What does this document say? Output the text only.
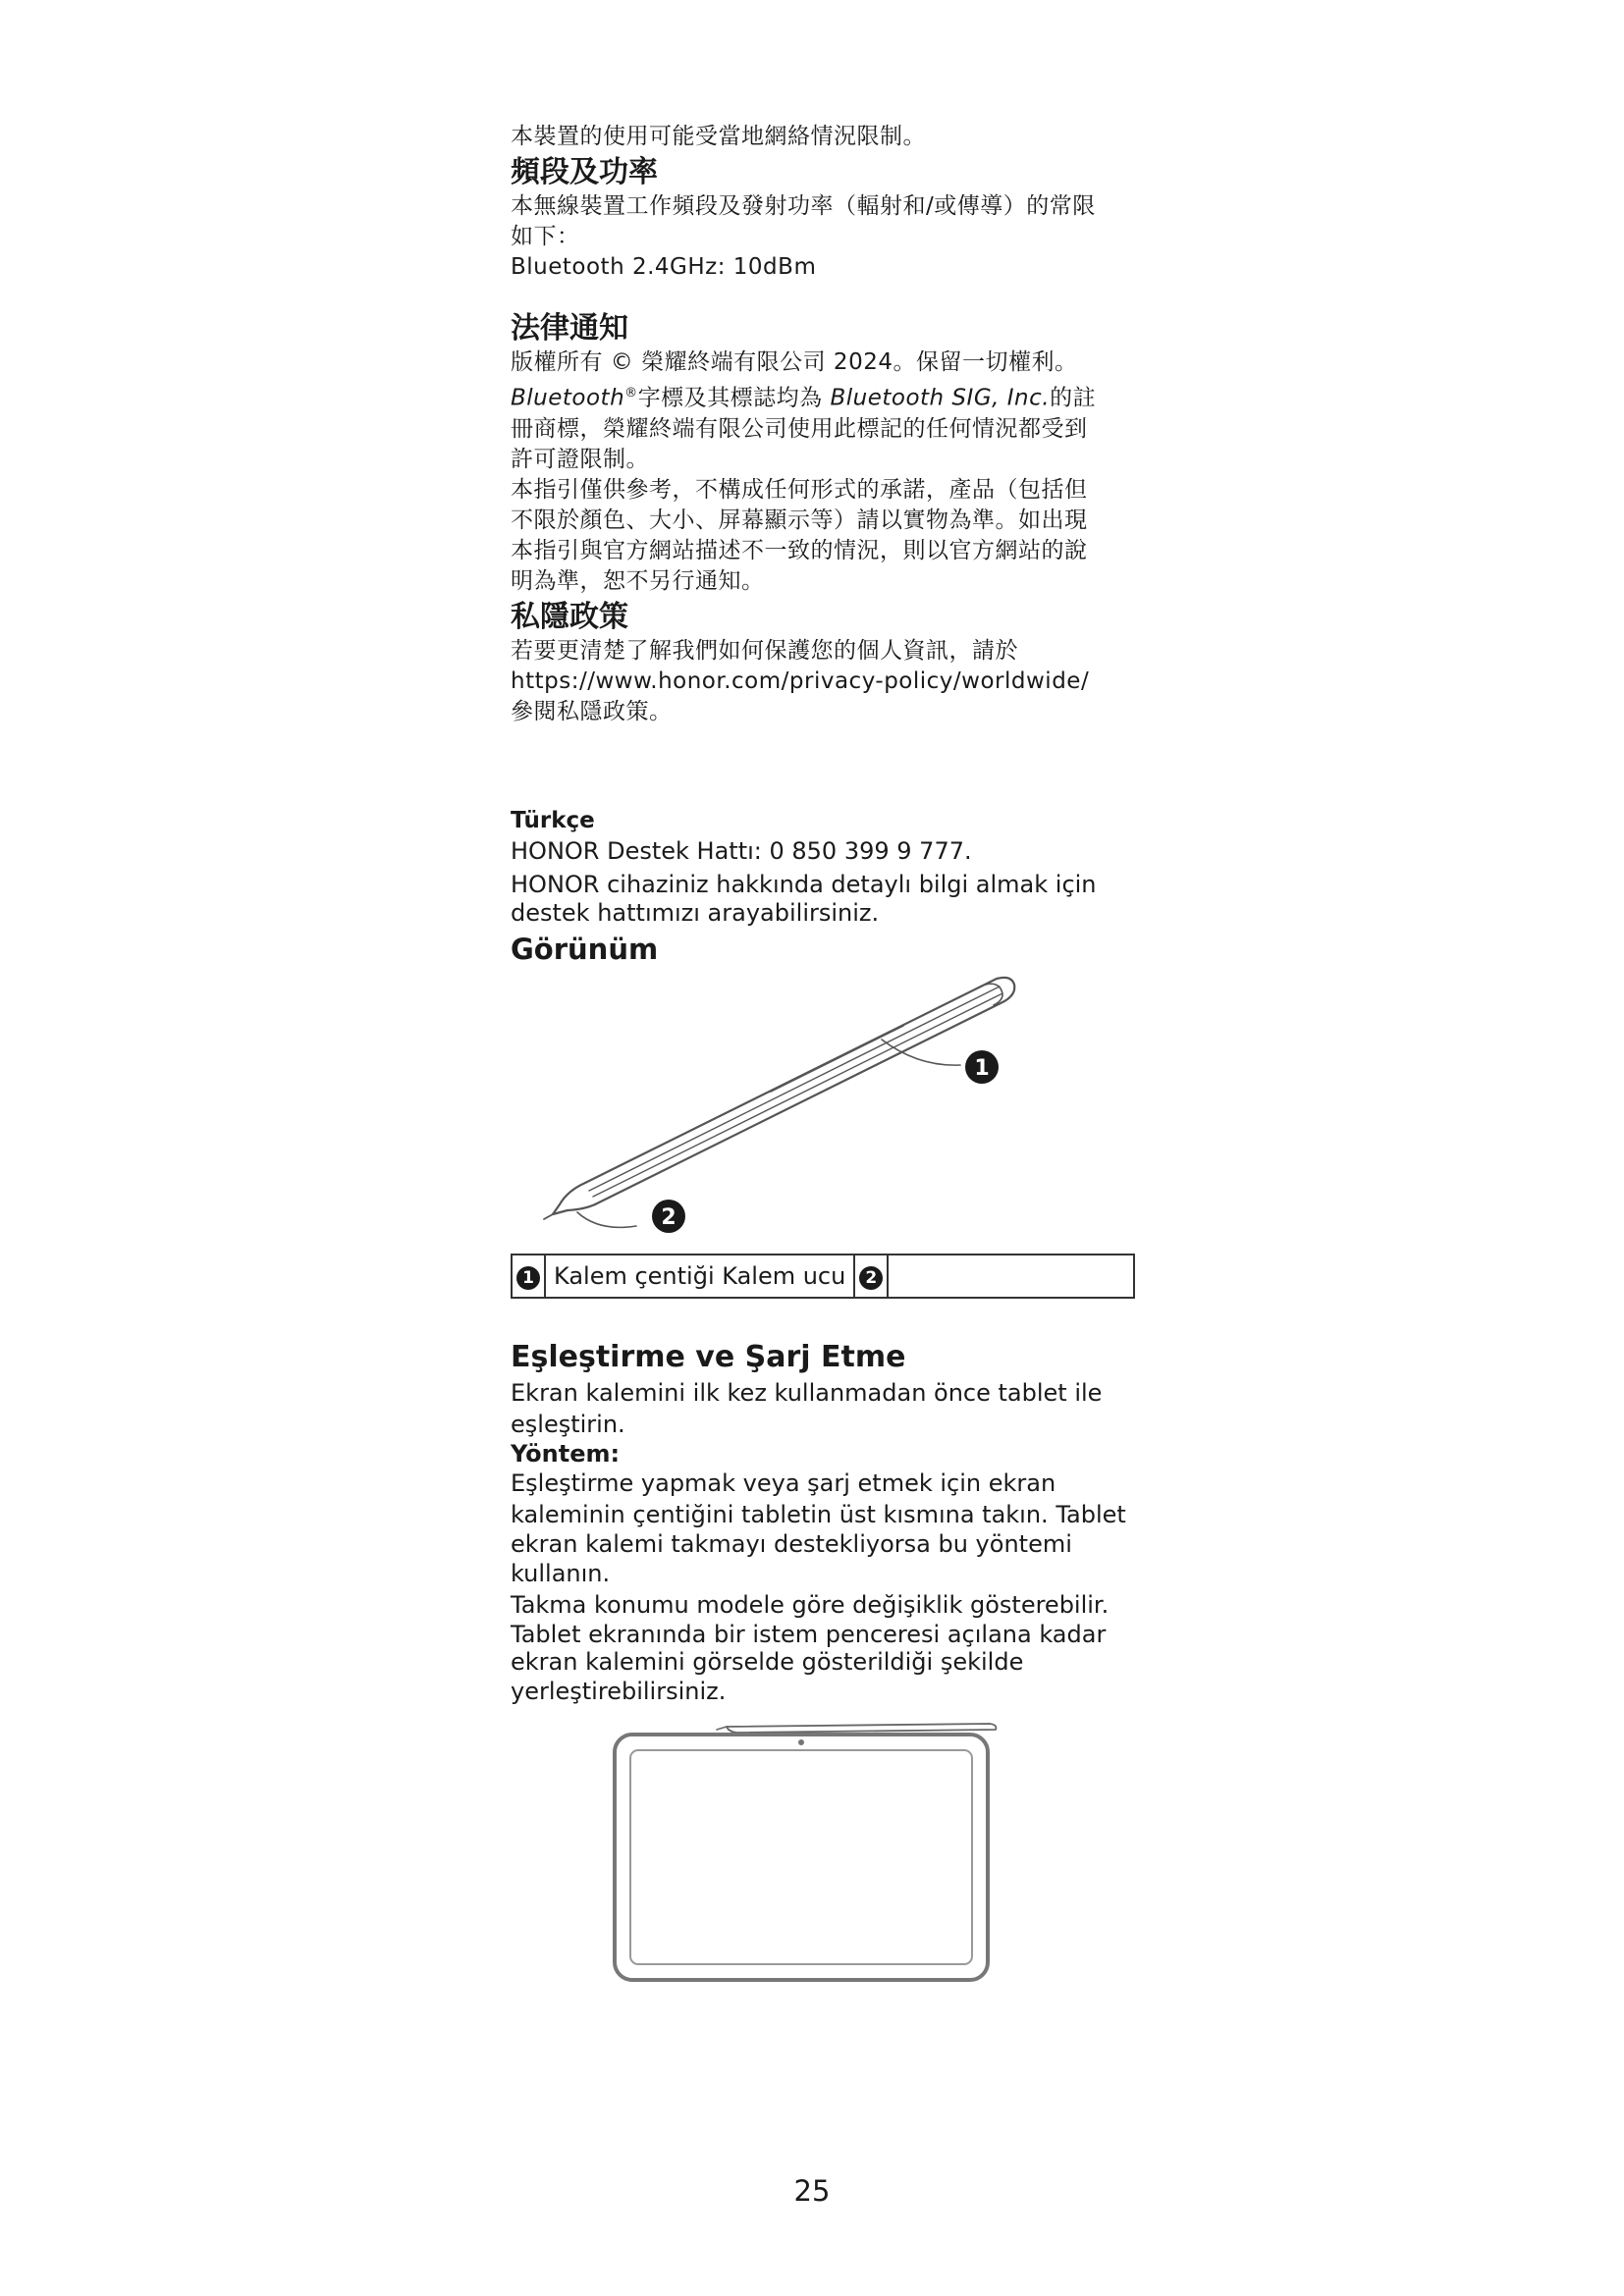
本裝置的使用可能受當地網絡情況限制。

頻段及功率

本無線裝置工作頻段及發射功率（輻射和/或傳導）的常限

如下：

Bluetooth 2.4GHz: 10dBm

法律通知

版權所有 © 榮耀終端有限公司 2024。保留一切權利。

Bluetooth®字標及其標誌均為 Bluetooth SIG, Inc.的註

冊商標，榮耀終端有限公司使用此標記的任何情況都受到

許可證限制。

本指引僅供參考，不構成任何形式的承諾，產品（包括但

不限於顏色、大小、屏幕顯示等）請以實物為準。如出現

本指引與官方網站描述不一致的情況，則以官方網站的說

明為準，恕不另行通知。

私隱政策

若要更清楚了解我們如何保護您的個人資訊，請於

https://www.honor.com/privacy-policy/worldwide/

參閱私隱政策。

Türkçe

HONOR Destek Hattı: 0 850 399 9 777.

HONOR cihaziniz hakkında detaylı bilgi almak için

destek hattımızı arayabilirsiniz.

Görünüm
1
2
1	Kalem çentiği Kalem ucu	2	
Eşleştirme ve Şarj Etme

Ekran kalemini ilk kez kullanmadan önce tablet ile

eşleştirin.

Yöntem:

Eşleştirme yapmak veya şarj etmek için ekran

kaleminin çentiğini tabletin üst kısmına takın. Tablet

ekran kalemi takmayı destekliyorsa bu yöntemi

kullanın.

Takma konumu modele göre değişiklik gösterebilir.

Tablet ekranında bir istem penceresi açılana kadar

ekran kalemini görselde gösterildiği şekilde

yerleştirebilirsiniz.

25
